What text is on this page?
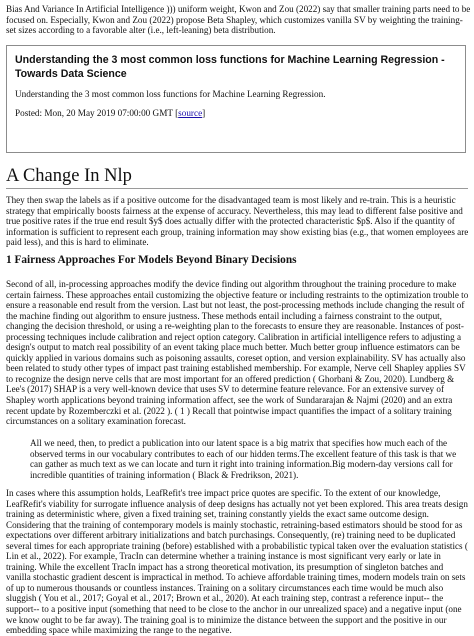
Bias And Variance In Artificial Intelligence ))) uniform weight, Kwon and Zou (2022) say that smaller training parts need to be focused on. Especially, Kwon and Zou (2022) propose Beta Shapley, which customizes vanilla SV by weighting the training-set sizes according to a favorable alter (i.e., left-leaning) beta distribution.

Understanding the 3 most common loss functions for Machine Learning Regression - Towards Data Science

Understanding the 3 most common loss functions for Machine Learning Regression.

Posted: Mon, 20 May 2019 07:00:00 GMT [source]

A Change In Nlp

They then swap the labels as if a positive outcome for the disadvantaged team is most likely and re-train. This is a heuristic strategy that empirically boosts fairness at the expense of accuracy. Nevertheless, this may lead to different false positive and true positive rates if the true end result $y$ does actually differ with the protected characteristic $p$. Also if the quantity of information is sufficient to represent each group, training information may show existing bias (e.g., that women employees are paid less), and this is hard to eliminate.

1 Fairness Approaches For Models Beyond Binary Decisions

Second of all, in-processing approaches modify the device finding out algorithm throughout the training procedure to make certain fairness. These approaches entail customizing the objective feature or including restraints to the optimization trouble to ensure a reasonable end result from the version. Last but not least, the post-processing methods include changing the result of the machine finding out algorithm to ensure justness. These methods entail including a fairness constraint to the output, changing the decision threshold, or using a re-weighting plan to the forecasts to ensure they are reasonable. Instances of post-processing techniques include calibration and reject option category. Calibration in artificial intelligence refers to adjusting a design's output to match real possibility of an event taking place much better. Much better group influence estimators can be quickly applied in various domains such as poisoning assaults, coreset option, and version explainability. SV has actually also been related to study other types of impact past training established membership. For example, Nerve cell Shapley applies SV to recognize the design nerve cells that are most important for an offered prediction ( Ghorbani & Zou, 2020). Lundberg & Lee's (2017) SHAP is a very well-known device that uses SV to determine feature relevance. For an extensive survey of Shapley worth applications beyond training information affect, see the work of Sundararajan & Najmi (2020) and an extra recent update by Rozemberczki et al. (2022 ). ( 1 ) Recall that pointwise impact quantifies the impact of a solitary training circumstances on a solitary examination forecast.

All we need, then, to predict a publication into our latent space is a big matrix that specifies how much each of the observed terms in our vocabulary contributes to each of our hidden terms.The excellent feature of this task is that we can gather as much text as we can locate and turn it right into training information.Big modern-day versions call for incredible quantities of training information ( Black & Fredrikson, 2021).

In cases where this assumption holds, LeafRefit's tree impact price quotes are specific. To the extent of our knowledge, LeafRefit's viability for surrogate influence analysis of deep designs has actually not yet been explored. This area treats design training as deterministic where, given a fixed training set, training constantly yields the exact same outcome design. Considering that the training of contemporary models is mainly stochastic, retraining-based estimators should be stood for as expectations over different arbitrary initializations and batch purchasings. Consequently, (re) training need to be duplicated several times for each appropriate training (before) established with a probabilistic typical taken over the evaluation statistics ( Lin et al., 2022). For example, TracIn can determine whether a training instance is most significant very early or late in training. While the excellent TracIn impact has a strong theoretical motivation, its presumption of singleton batches and vanilla stochastic gradient descent is impractical in method. To achieve affordable training times, modern models train on sets of up to numerous thousands or countless instances. Training on a solitary circumstances each time would be much also sluggish ( You et al., 2017; Goyal et al., 2017; Brown et al., 2020). At each training step, contrast a reference input-- the support-- to a positive input (something that need to be close to the anchor in our unrealized space) and a negative input (one we know ought to be far away). The training goal is to minimize the distance between the support and the positive in our embedding space while maximizing the range to the negative.
